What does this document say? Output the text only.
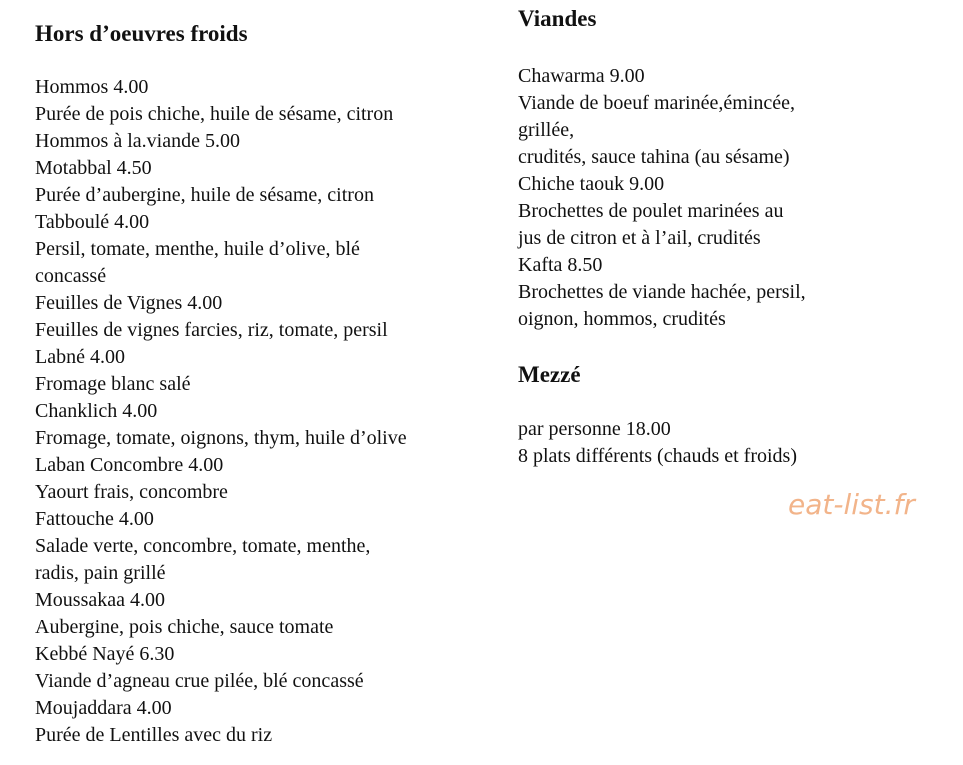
Hors d’oeuvres froids
Hommos 4.00
Purée de pois chiche, huile de sésame, citron
Hommos à la.viande 5.00
Motabbal 4.50
Purée d’aubergine, huile de sésame, citron
Tabboulé 4.00
Persil, tomate, menthe, huile d’olive, blé
concassé
Feuilles de Vignes 4.00
Feuilles de vignes farcies, riz, tomate, persil
Labné 4.00
Fromage blanc salé
Chanklich 4.00
Fromage, tomate, oignons, thym, huile d’olive
Laban Concombre 4.00
Yaourt frais, concombre
Fattouche 4.00
Salade verte, concombre, tomate, menthe,
radis, pain grillé
Moussakaa 4.00
Aubergine, pois chiche, sauce tomate
Kebbé Nayé 6.30
Viande d’agneau crue pilée, blé concassé
Moujaddara 4.00
Purée de Lentilles avec du riz
Viandes
Chawarma 9.00
Viande de boeuf marinée,émincée,
grillée,
crudités, sauce tahina (au sésame)
Chiche taouk 9.00
Brochettes de poulet marinées au
jus de citron et à l’ail, crudités
Kafta 8.50
Brochettes de viande hachée, persil,
oignon, hommos, crudités
Mezzé
par personne 18.00
8 plats différents (chauds et froids)
eat-list.fr
